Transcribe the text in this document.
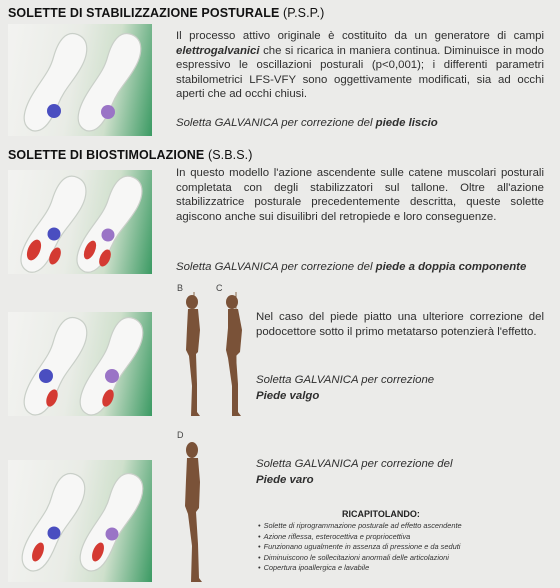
SOLETTE DI STABILIZZAZIONE POSTURALE (P.S.P.)

Il processo attivo originale è costituito da un generatore di campi elettrogalvanici che si ricarica in maniera continua. Diminuisce in modo espressivo le oscillazioni posturali (p<0,001); i differenti parametri stabilometrici LFS-VFY sono oggettivamente modificati, sia ad occhi aperti che ad occhi chiusi.

Soletta GALVANICA per correzione del piede liscio
SOLETTE DI BIOSTIMOLAZIONE (S.B.S.)

In questo modello l'azione ascendente sulle catene muscolari posturali completata con degli stabilizzatori sul tallone. Oltre all'azione stabilizzatrice posturale precedentemente descritta, queste solette agiscono anche sui disuilibri del retropiede e loro conseguenze.

Soletta GALVANICA per correzione del piede a doppia componente
B	C

Nel caso del piede piatto una ulteriore correzione del podocettore sotto il primo metatarso potenzierà l'effetto.

Soletta GALVANICA per correzione
Piede valgo
D
Soletta GALVANICA per correzione del
Piede varo
RICAPITOLANDO:
• Solette di riprogrammazione posturale ad effetto ascendente
• Azione riflessa, esterocettiva e propriocettiva
• Funzionano ugualmente in assenza di pressione e da seduti
• Diminuiscono le sollecitazioni anormali delle articolazioni
• Copertura ipoallergica e lavabile
